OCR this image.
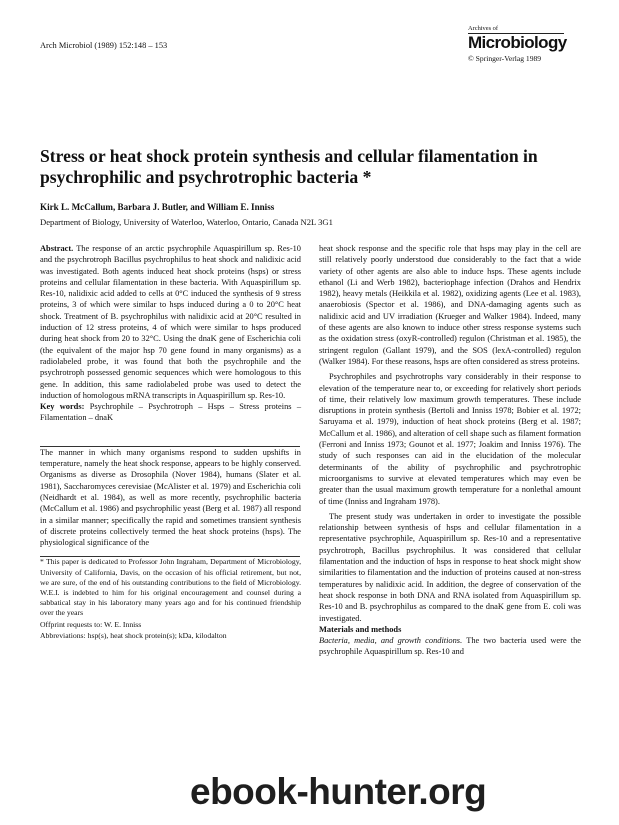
Arch Microbiol (1989) 152:148 – 153
Archives of
Microbiology
© Springer-Verlag 1989
Stress or heat shock protein synthesis and cellular filamentation in psychrophilic and psychrotrophic bacteria *
Kirk L. McCallum, Barbara J. Butler, and William E. Inniss
Department of Biology, University of Waterloo, Waterloo, Ontario, Canada N2L 3G1

Abstract. The response of an arctic psychrophile Aquaspirillum sp. Res-10 and the psychrotroph Bacillus psychrophilus to heat shock and nalidixic acid was investigated. Both agents induced heat shock proteins (hsps) or stress proteins and cellular filamentation in these bacteria. With Aquaspirillum sp. Res-10, nalidixic acid added to cells at 0°C induced the synthesis of 9 stress proteins, 3 of which were similar to hsps induced during a 0 to 20°C heat shock. Treatment of B. psychrophilus with nalidixic acid at 20°C resulted in induction of 12 stress proteins, 4 of which were similar to hsps produced during heat shock from 20 to 32°C. Using the dnaK gene of Escherichia coli (the equivalent of the major hsp 70 gene found in many organisms) as a radiolabeled probe, it was found that both the psychrophile and the psychrotroph possessed genomic sequences which were homologous to this gene. In addition, this same radiolabeled probe was used to detect the induction of homologous mRNA transcripts in Aquaspirillum sp. Res-10.

Key words: Psychrophile – Psychrotroph – Hsps – Stress proteins – Filamentation – dnaK

The manner in which many organisms respond to sudden upshifts in temperature, namely the heat shock response, appears to be highly conserved. Organisms as diverse as Drosophila (Nover 1984), humans (Slater et al. 1981), Saccharomyces cerevisiae (McAlister et al. 1979) and Escherichia coli (Neidhardt et al. 1984), as well as more recently, psychrophilic bacteria (McCallum et al. 1986) and psychrophilic yeast (Berg et al. 1987) all respond in a similar manner; specifically the rapid and sometimes transient synthesis of discrete proteins collectively termed the heat shock proteins (hsps). The physiological significance of the

* This paper is dedicated to Professor John Ingraham, Department of Microbiology, University of California, Davis, on the occasion of his official retirement, but not, we are sure, of the end of his outstanding contributions to the field of Microbiology. W.E.I. is indebted to him for his original encouragement and counsel during a sabbatical stay in his laboratory many years ago and for his continued friendship over the years

Offprint requests to: W. E. Inniss

Abbreviations: hsp(s), heat shock protein(s); kDa, kilodalton

heat shock response and the specific role that hsps may play in the cell are still relatively poorly understood due considerably to the fact that a wide variety of other agents are also able to induce hsps. These agents include ethanol (Li and Werb 1982), bacteriophage infection (Drahos and Hendrix 1982), heavy metals (Heikkila et al. 1982), oxidizing agents (Lee et al. 1983), anaerobiosis (Spector et al. 1986), and DNA-damaging agents such as nalidixic acid and UV irradiation (Krueger and Walker 1984). Indeed, many of these agents are also known to induce other stress response systems such as the oxidation stress (oxyR-controlled) regulon (Christman et al. 1985), the stringent regulon (Gallant 1979), and the SOS (lexA-controlled) regulon (Walker 1984). For these reasons, hsps are often considered as stress proteins.

Psychrophiles and psychrotrophs vary considerably in their response to elevation of the temperature near to, or exceeding for relatively short periods of time, their relatively low maximum growth temperatures. These include disruptions in protein synthesis (Bertoli and Inniss 1978; Bobier et al. 1972; Saruyama et al. 1979), induction of heat shock proteins (Berg et al. 1987; McCallum et al. 1986), and alteration of cell shape such as filament formation (Ferroni and Inniss 1973; Gounot et al. 1977; Joakim and Inniss 1976). The study of such responses can aid in the elucidation of the molecular determinants of the ability of psychrophilic and psychrotrophic microorganisms to survive at elevated temperatures which may even be greater than the usual maximum growth temperature for a nonlethal amount of time (Inniss and Ingraham 1978).

The present study was undertaken in order to investigate the possible relationship between synthesis of hsps and cellular filamentation in a representative psychrophile, Aquaspirillum sp. Res-10 and a representative psychrotroph, Bacillus psychrophilus. It was considered that cellular filamentation and the induction of hsps in response to heat shock might show similarities to filamentation and the induction of proteins caused at non-stress temperatures by nalidixic acid. In addition, the degree of conservation of the heat shock response in both DNA and RNA isolated from Aquaspirillum sp. Res-10 and B. psychrophilus as compared to the dnaK gene from E. coli was investigated.

Materials and methods

Bacteria, media, and growth conditions. The two bacteria used were the psychrophile Aquaspirillum sp. Res-10 and

ebook-hunter.org
